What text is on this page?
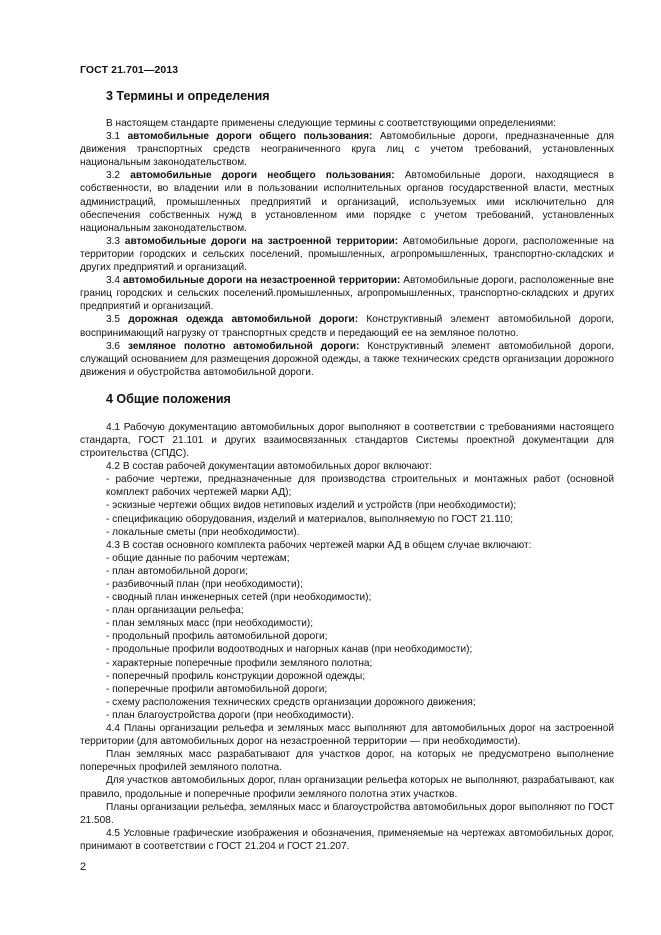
ГОСТ 21.701—2013
3 Термины и определения

В настоящем стандарте применены следующие термины с соответствующими определениями:

3.1 автомобильные дороги общего пользования: Автомобильные дороги, предназначенные для движения транспортных средств неограниченного круга лиц с учетом требований, установленных национальным законодательством.

3.2 автомобильные дороги необщего пользования: Автомобильные дороги, находящиеся в собственности, во владении или в пользовании исполнительных органов государственной власти, местных администраций, промышленных предприятий и организаций, используемых ими исключительно для обеспечения собственных нужд в установленном ими порядке с учетом требований, установленных национальным законодательством.

3.3 автомобильные дороги на застроенной территории: Автомобильные дороги, расположенные на территории городских и сельских поселений, промышленных, агропромышленных, транспортно-складских и других предприятий и организаций.

3.4 автомобильные дороги на незастроенной территории: Автомобильные дороги, расположенные вне границ городских и сельских поселений.промышленных, агропромышленных, транспортно-складских и других предприятий и организаций.

3.5 дорожная одежда автомобильной дороги: Конструктивный элемент автомобильной дороги, воспринимающий нагрузку от транспортных средств и передающий ее на земляное полотно.

3.6 земляное полотно автомобильной дороги: Конструктивный элемент автомобильной дороги, служащий основанием для размещения дорожной одежды, а также технических средств организации дорожного движения и обустройства автомобильной дороги.

4 Общие положения

4.1 Рабочую документацию автомобильных дорог выполняют в соответствии с требованиями настоящего стандарта, ГОСТ 21.101 и других взаимосвязанных стандартов Системы проектной документации для строительства (СПДС).

4.2 В состав рабочей документации автомобильных дорог включают:

- рабочие чертежи, предназначенные для производства строительных и монтажных работ (основной комплект рабочих чертежей марки АД);

- эскизные чертежи общих видов нетиповых изделий и устройств (при необходимости);

- спецификацию оборудования, изделий и материалов, выполняемую по ГОСТ 21.110;

- локальные сметы (при необходимости).

4.3 В состав основного комплекта рабочих чертежей марки АД в общем случае включают:

- общие данные по рабочим чертежам;

- план автомобильной дороги;

- разбивочный план (при необходимости);

- сводный план инженерных сетей (при необходимости);

- план организации рельефа;

- план земляных масс (при необходимости);

- продольный профиль автомобильной дороги;

- продольные профили водоотводных и нагорных канав (при необходимости);

- характерные поперечные профили земляного полотна;

- поперечный профиль конструкции дорожной одежды;

- поперечные профили автомобильной дороги;

- схему расположения технических средств организации дорожного движения;

- план благоустройства дороги (при необходимости).

4.4 Планы организации рельефа и земляных масс выполняют для автомобильных дорог на застроенной территории (для автомобильных дорог на незастроенной территории — при необходимости).

План земляных масс разрабатывают для участков дорог, на которых не предусмотрено выполнение поперечных профилей земляного полотна.

Для участков автомобильных дорог, план организации рельефа которых не выполняют, разрабатывают, как правило, продольные и поперечные профили земляного полотна этих участков.

Планы организации рельефа, земляных масс и благоустройства автомобильных дорог выполняют по ГОСТ 21.508.

4.5 Условные графические изображения и обозначения, применяемые на чертежах автомобильных дорог, принимают в соответствии с ГОСТ 21.204 и ГОСТ 21.207.

2
